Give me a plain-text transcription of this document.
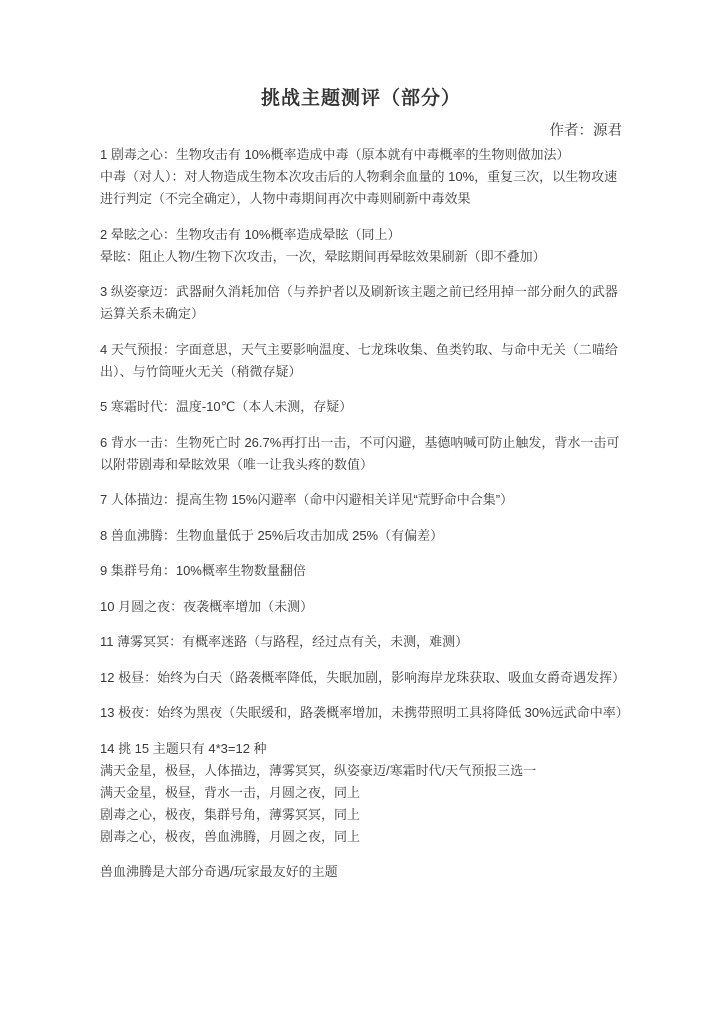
挑战主题测评（部分）
作者：源君
1 剧毒之心：生物攻击有 10%概率造成中毒（原本就有中毒概率的生物则做加法）
中毒（对人）：对人物造成生物本次攻击后的人物剩余血量的 10%，重复三次，以生物攻速
进行判定（不完全确定），人物中毒期间再次中毒则刷新中毒效果
2 晕眩之心：生物攻击有 10%概率造成晕眩（同上）
晕眩：阻止人物/生物下次攻击，一次，晕眩期间再晕眩效果刷新（即不叠加）
3 纵姿豪迈：武器耐久消耗加倍（与养护者以及刷新该主题之前已经用掉一部分耐久的武器
运算关系未确定）
4 天气预报：字面意思，天气主要影响温度、七龙珠收集、鱼类钓取、与命中无关（二喵给
出）、与竹筒哑火无关（稍微存疑）
5 寒霜时代：温度-10℃（本人未测，存疑）
6 背水一击：生物死亡时 26.7%再打出一击，不可闪避，基德呐喊可防止触发，背水一击可
以附带剧毒和晕眩效果（唯一让我头疼的数值）
7 人体描边：提高生物 15%闪避率（命中闪避相关详见“荒野命中合集”）
8 兽血沸腾：生物血量低于 25%后攻击加成 25%（有偏差）
9 集群号角：10%概率生物数量翻倍
10 月圆之夜：夜袭概率增加（未测）
11 薄雾冥冥：有概率迷路（与路程，经过点有关，未测，难测）
12 极昼：始终为白天（路袭概率降低，失眠加剧，影响海岸龙珠获取、吸血女爵奇遇发挥）
13 极夜：始终为黑夜（失眠缓和，路袭概率增加，未携带照明工具将降低 30%远武命中率）
14 挑 15 主题只有 4*3=12 种
满天金星，极昼，人体描边，薄雾冥冥，纵姿豪迈/寒霜时代/天气预报三选一
满天金星，极昼，背水一击，月圆之夜，同上
剧毒之心，极夜，集群号角，薄雾冥冥，同上
剧毒之心，极夜，兽血沸腾，月圆之夜，同上
兽血沸腾是大部分奇遇/玩家最友好的主题
